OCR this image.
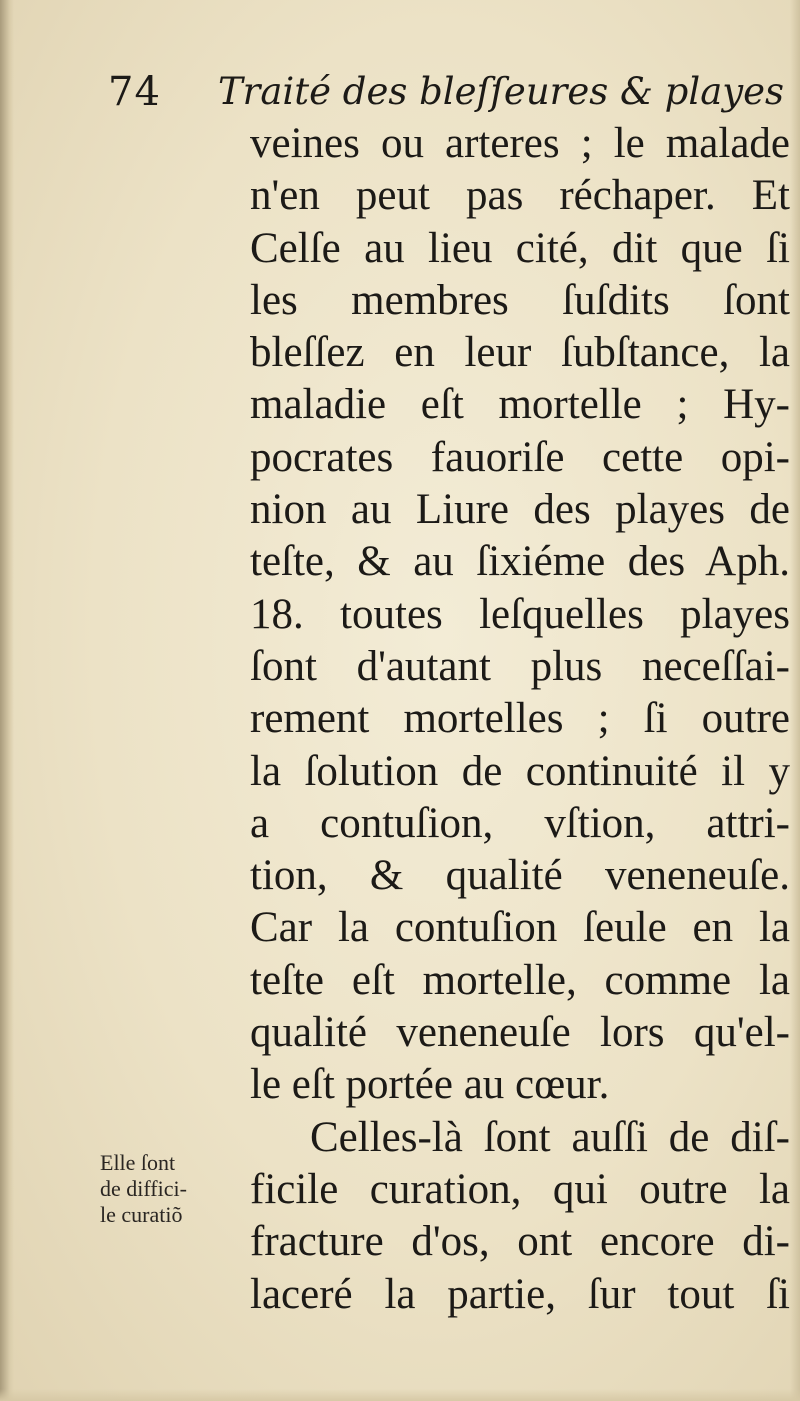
74 Traité des bleſſeures & playes
veines ou arteres ; le malade
n'en peut pas réchaper. Et
Celſe au lieu cité, dit que ſi
les membres ſuſdits ſont
bleſſez en leur ſubſtance, la
maladie eſt mortelle ; Hy-
pocrates fauoriſe cette opi-
nion au Liure des playes de
teſte, & au ſixiéme des Aph.
18. toutes leſquelles playes
ſont d'autant plus neceſſai-
rement mortelles ; ſi outre
la ſolution de continuité il y
a contuſion, vſtion, attri-
tion, & qualité veneneuſe.
Car la contuſion ſeule en la
teſte eſt mortelle, comme la
qualité veneneuſe lors qu'el-
le eſt portée au cœur.
Celles-là ſont auſſi de diſ-
ficile curation, qui outre la
fracture d'os, ont encore di-
laceré la partie, ſur tout ſi
Elle ſont
de diffici-
le curatiõ
